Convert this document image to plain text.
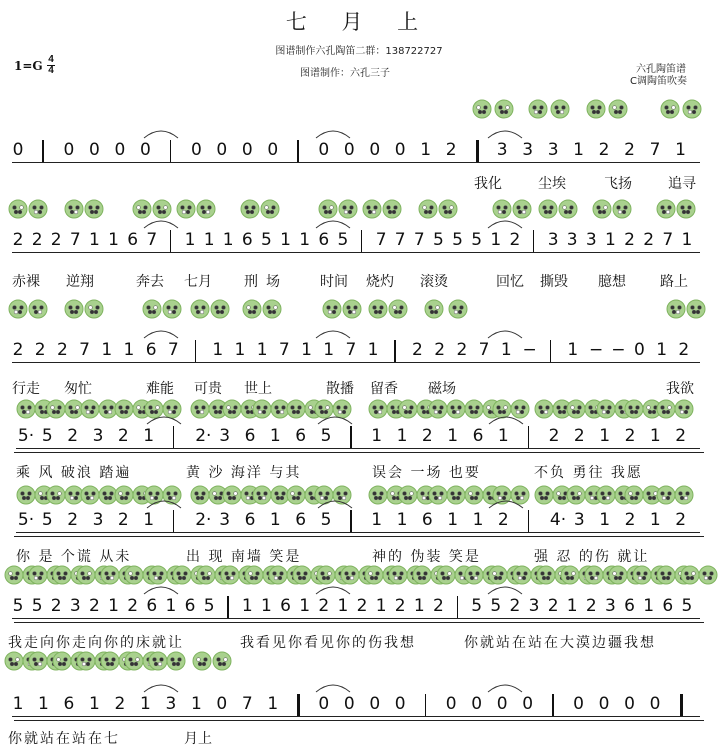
七 月 上
图谱制作六孔陶笛二群：138722727
图谱制作：六孔三子
1=G 4
4	六孔陶笛谱
C调陶笛吹奏
0 0 0 0 0 0 0 0 0 0 0 0 0 1 2 3 3 3 1 2 2 7 1
我化	尘埃	飞扬	追寻
2 2 2 7 1 1 6 7 1 1 1 6 5 1 1 6 5 7 7 7 5 5 5 1 2 3 3 3 1 2 2 7 1
赤裸 逆翔	奔去 七月 刑 场	时间 烧灼 滚烫	回忆 撕毁 臆想 路上
2 2 2 7 1 1 6 7 1 1 1 7 1 1 7 1 2 2 2 7 1 − 1 − − 0 1 2
行走 匆忙	难能 可贵 世上	散播 留香 磁场	我欲
5· 5 2 3 2 1 2· 3 6 1 6 5 1 1 2 1 6 1 2 2 1 2 1 2
乘 风 破浪 踏遍	黄 沙 海洋 与其	误会 一场 也要	不负 勇往 我愿
5· 5 2 3 2 1 2· 3 6 1 6 5 1 1 6 1 1 2 4· 3 1 2 1 2
你 是 个谎 从未	出 现 南墙 笑是	神的 伪装 笑是	强 忍 的伤 就让
5 5 2 3 2 1 2 6 1 6 5 1 1 6 1 2 1 2 1 2 1 2 5 5 2 3 2 1 2 3 6 1 6 5
我走向你走向你的床就让	我看见你看见你的伤我想	你就站在站在大漠边疆我想
1 1 6 1 2 1 3 1 0 7 1 0 0 0 0 0 0 0 0 0 0 0 0
你就站在站在七	月上
